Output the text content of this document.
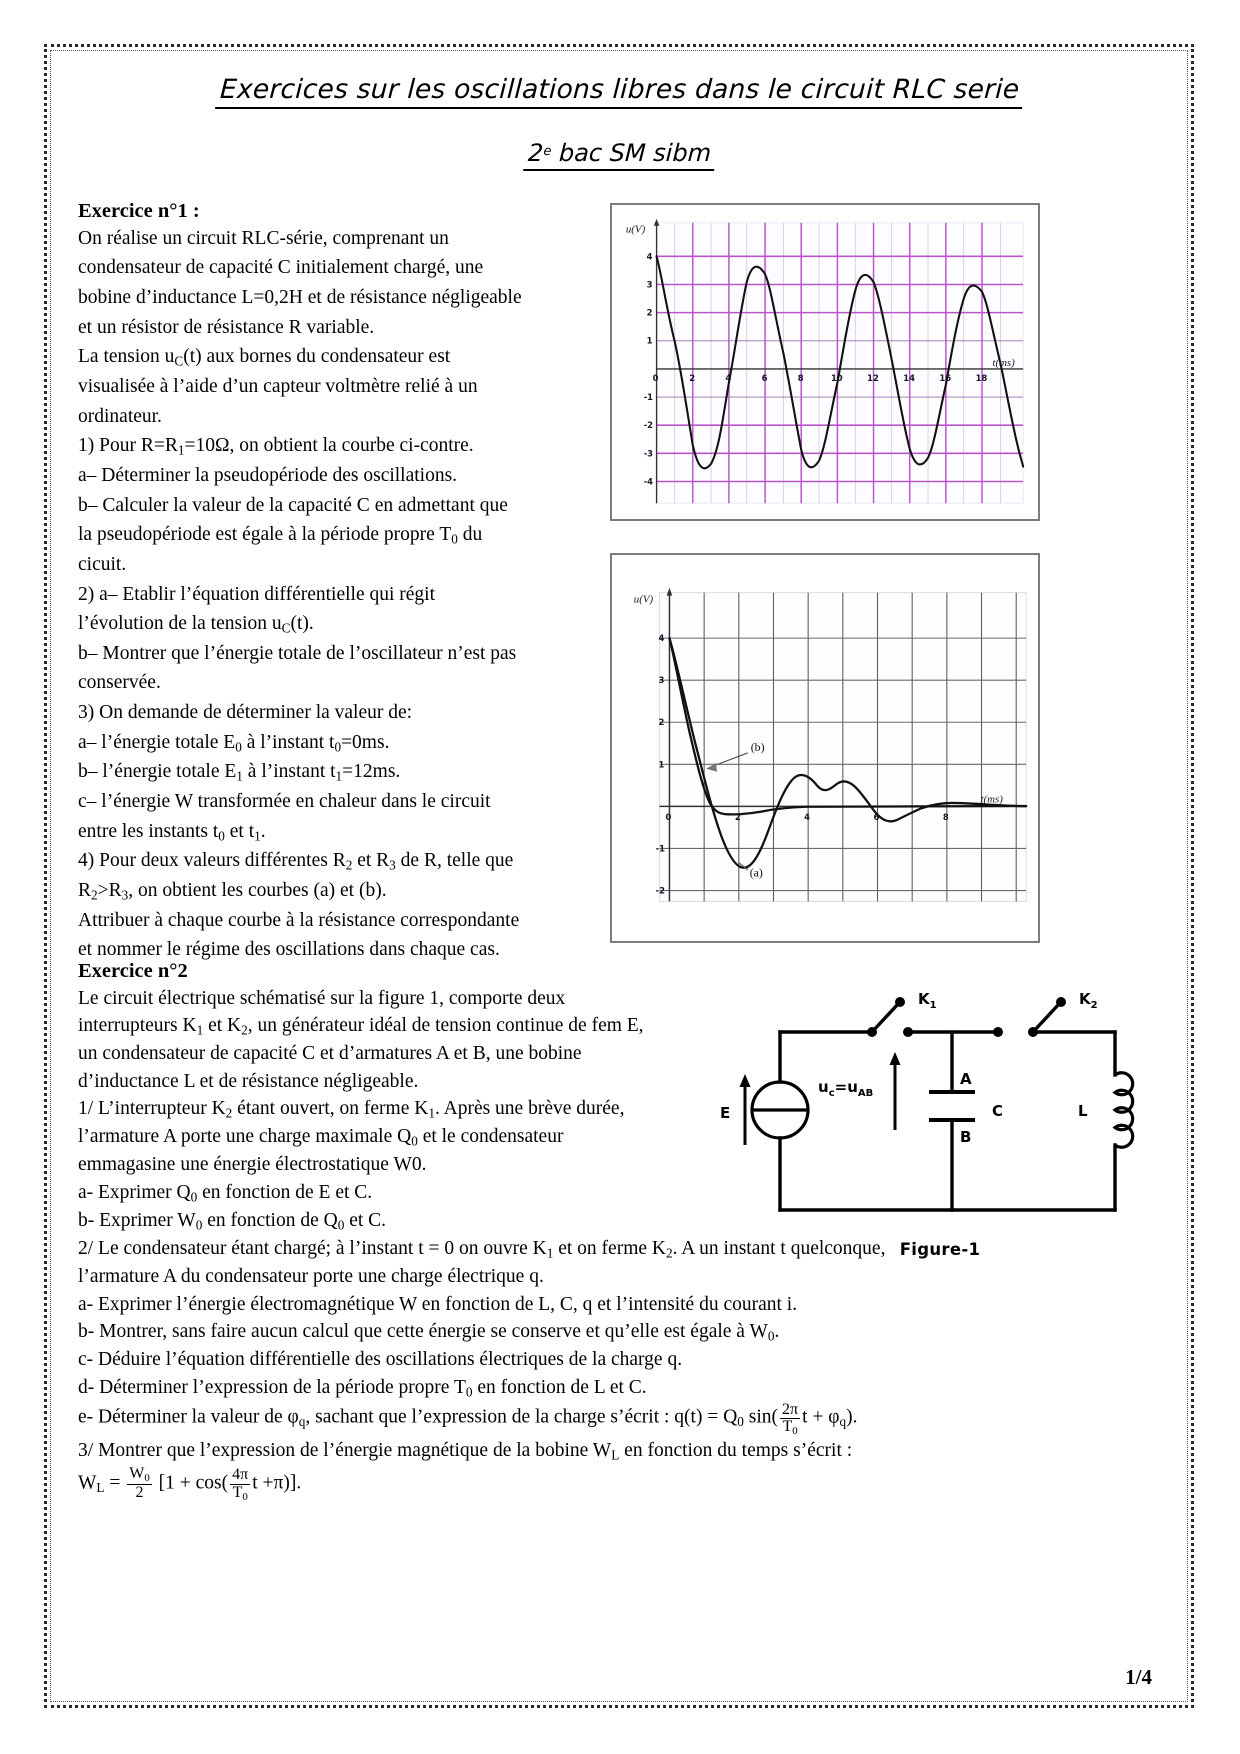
Exercices sur les oscillations libres dans le circuit RLC serie
2e bac SM sibm

Exercice n°1 :

On réalise un circuit RLC-série, comprenant un

condensateur de capacité C initialement chargé, une

bobine d’inductance L=0,2H et de résistance négligeable

et un résistor de résistance R variable.

La tension $u_C(t)$ aux bornes du condensateur est

visualisée à l’aide d’un capteur voltmètre relié à un

ordinateur.

1) Pour $R=R_1=10\Omega$, on obtient la courbe ci-contre.

a– Déterminer la pseudopériode des oscillations.

b– Calculer la valeur de la capacité C en admettant que

la pseudopériode est égale à la période propre $T_0$ du

cicuit.

2) a– Etablir l’équation différentielle qui régit

l’évolution de la tension $u_C(t)$.

b– Montrer que l’énergie totale de l’oscillateur n’est pas

conservée.

3) On demande de déterminer la valeur de:

a– l’énergie totale $E_0$ à l’instant $t_0=0ms$.

b– l’énergie totale $E_1$ à l’instant $t_1=12ms$.

c– l’énergie W transformée en chaleur dans le circuit

entre les instants $t_0$ et $t_1$.

4) Pour deux valeurs différentes $R_2$ et $R_3$ de R, telle que

$R_2>R_3$, on obtient les courbes (a) et (b).

Attribuer à chaque courbe à la résistance correspondante

et nommer le régime des oscillations dans chaque cas.

u(V)
t(ms)
0	2	4	6	8	10	12	14	16	18
4
3
2
1
-1
-2
-3
-4
u(V)
t(ms)
0	2	4	6	8
4
3
2
1
-1
-2
(b)
(a)

Exercice n°2

Le circuit électrique schématisé sur la figure 1, comporte deux

interrupteurs $K_1$ et $K_2$, un générateur idéal de tension continue de fem E,

un condensateur de capacité C et d’armatures A et B, une bobine

d’inductance L et de résistance négligeable.

1/ L’interrupteur $K_2$ étant ouvert, on ferme $K_1$. Après une brève durée,

l’armature A porte une charge maximale $Q_0$ et le condensateur

emmagasine une énergie électrostatique W0.

a- Exprimer $Q_0$ en fonction de E et C.

b- Exprimer $W_0$ en fonction de $Q_0$ et C.

2/ Le condensateur étant chargé; à l’instant t = 0 on ouvre $K_1$ et on ferme $K_2$. A un instant t quelconque,

l’armature A du condensateur porte une charge électrique q.

a- Exprimer l’énergie électromagnétique W en fonction de L, C, q et l’intensité du courant i.

b- Montrer, sans faire aucun calcul que cette énergie se conserve et qu’elle est égale à $W_0$.

c- Déduire l’équation différentielle des oscillations électriques de la charge q.

d- Déterminer l’expression de la période propre $T_0$ en fonction de L et C.

e- Déterminer la valeur de $\varphi_q$, sachant que l’expression de la charge s’écrit : $q(t) = Q_0$ $\sin( \frac{2\pi}{T_0}$ $t + \varphi_q$).

3/ Montrer que l’expression de l’énergie magnétique de la bobine $W_L$ en fonction du temps s’écrit :

$W_L = \frac{W_0}{2} [1 + \cos( \frac{4\pi}{T_0}$ t +π)].

$K_1$	$K_2$
E
$u_c=u_{AB}$
A
B
C	L
Figure-1
1/4
